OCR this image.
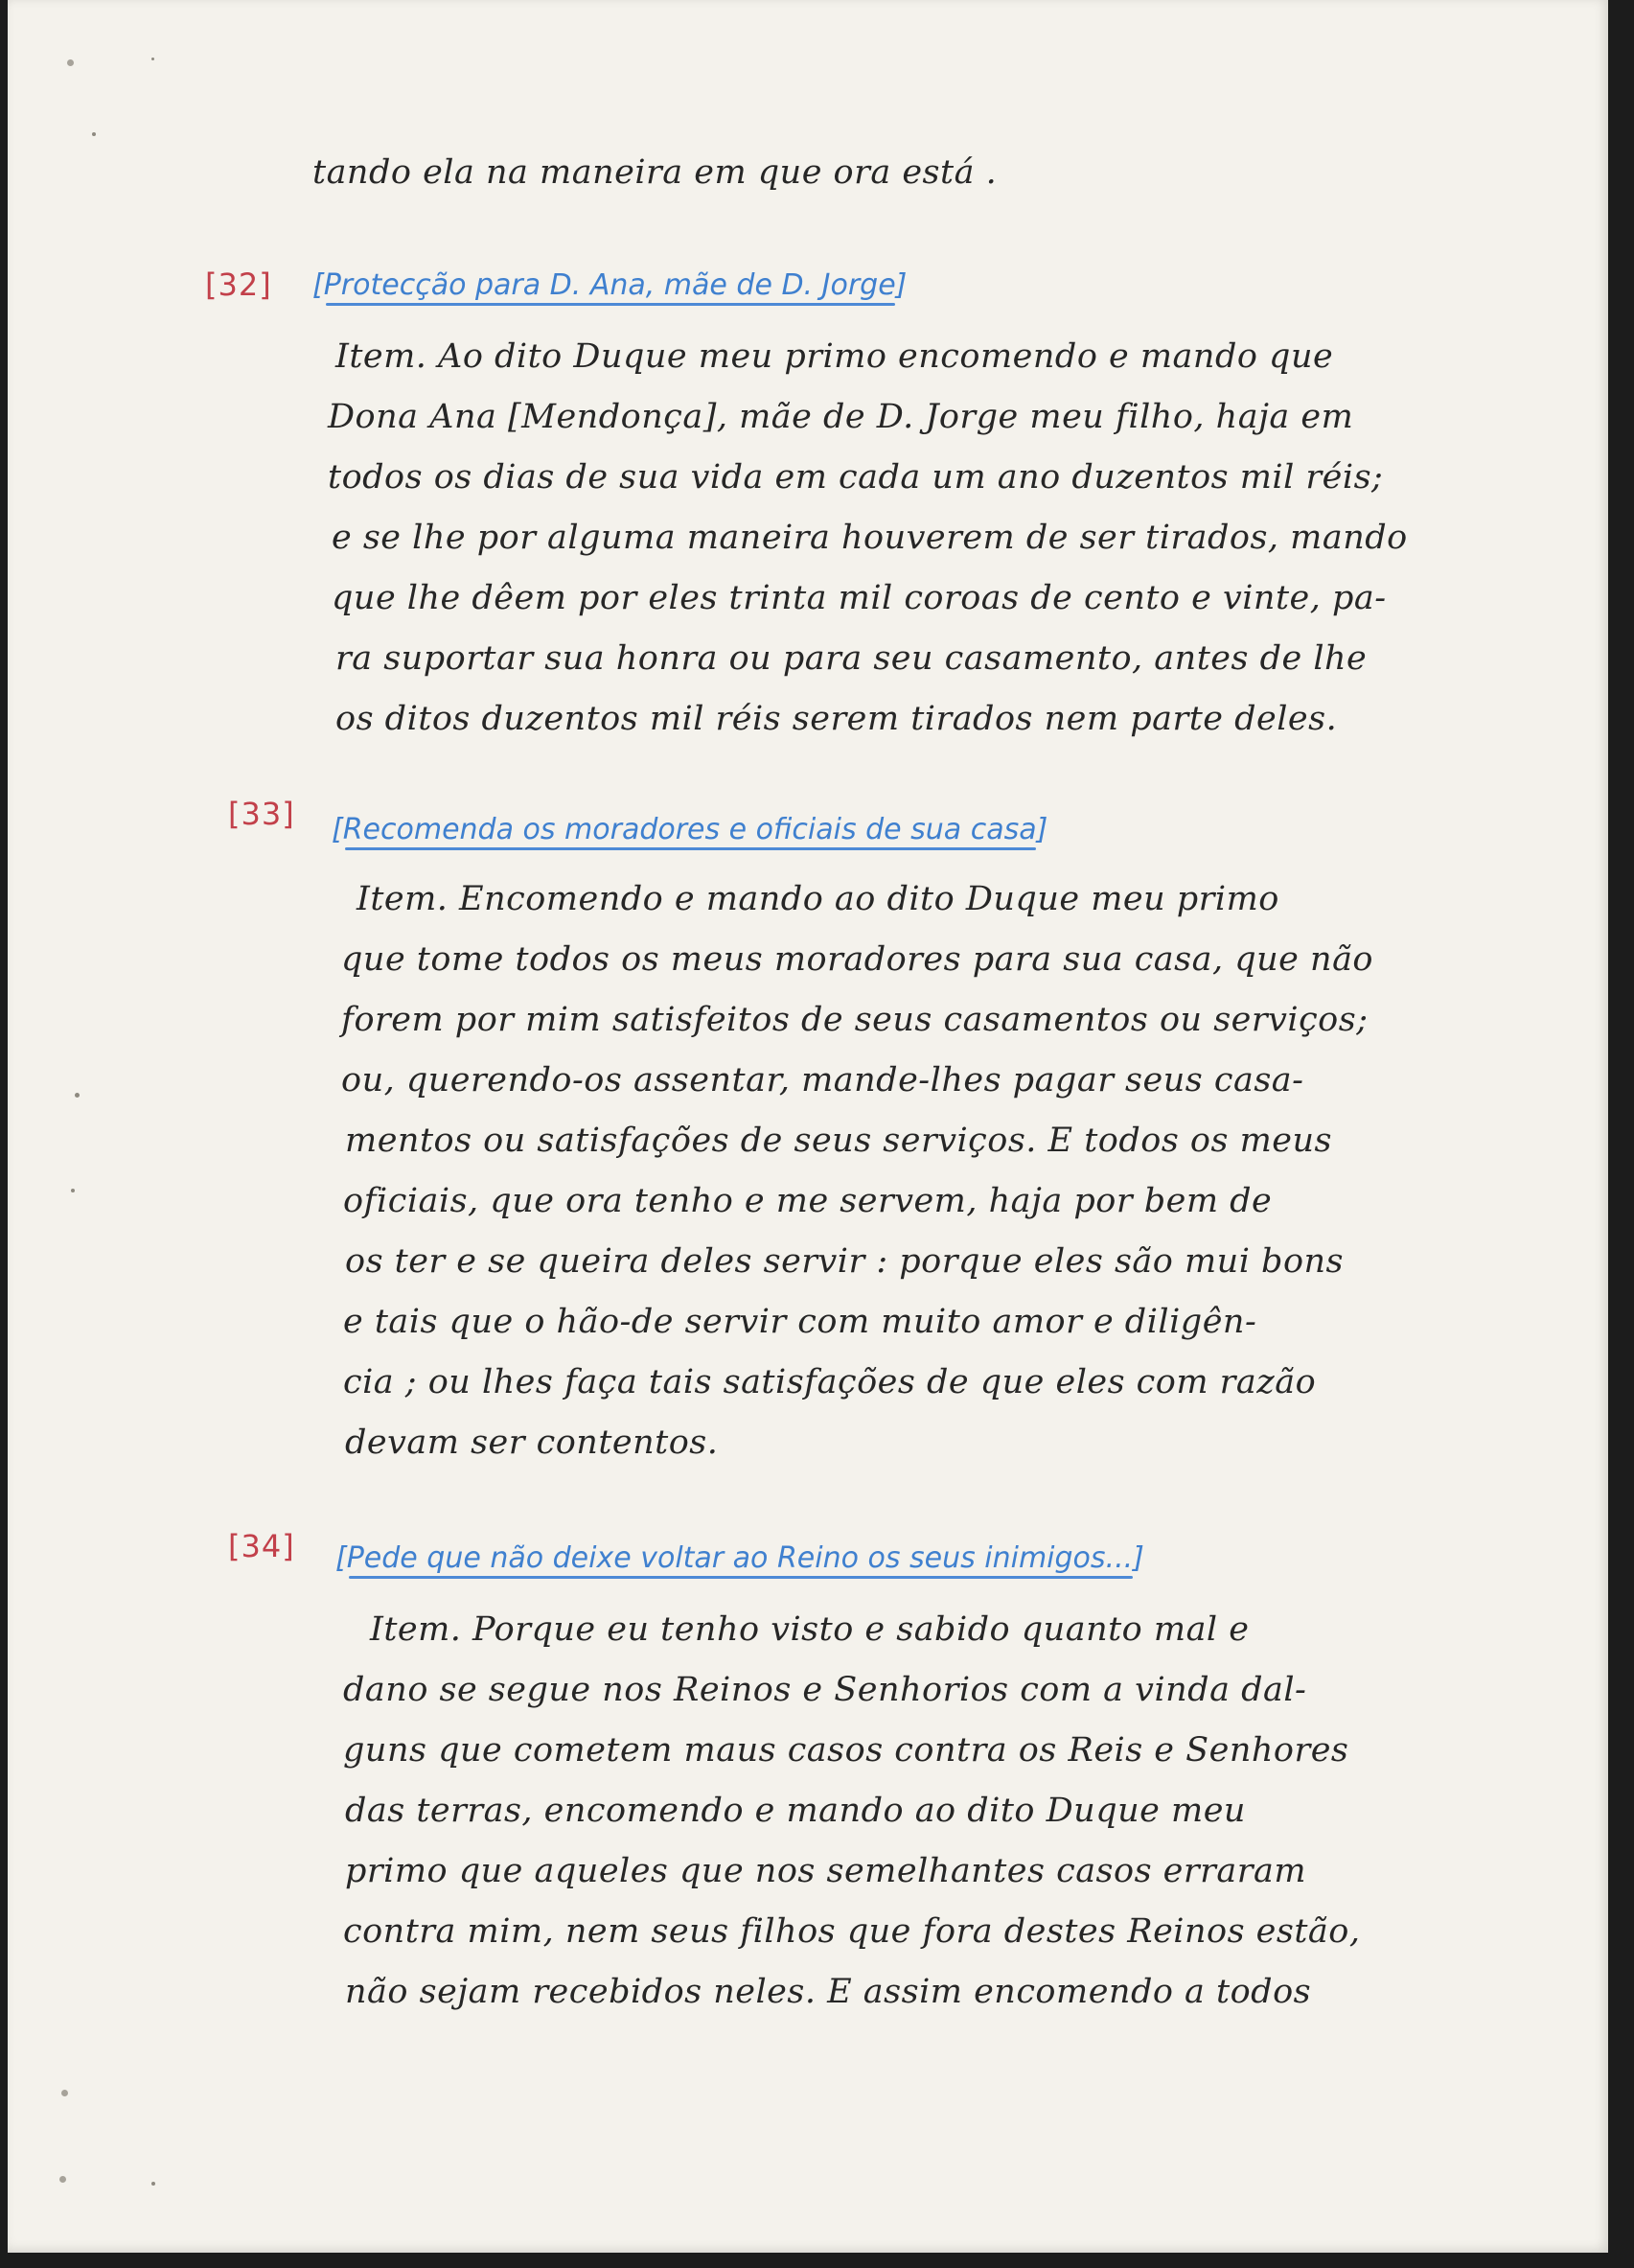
tando ela na maneira em que ora está .
[32] [Protecção para D. Ana, mãe de D. Jorge]
Item. Ao dito Duque meu primo encomendo e mando que
Dona Ana [Mendonça], mãe de D. Jorge meu filho, haja em
todos os dias de sua vida em cada um ano duzentos mil réis;
e se lhe por alguma maneira houverem de ser tirados, mando
que lhe dêem por eles trinta mil coroas de cento e vinte, pa-
ra suportar sua honra ou para seu casamento, antes de lhe
os ditos duzentos mil réis serem tirados nem parte deles.
[33] [Recomenda os moradores e oficiais de sua casa]
Item. Encomendo e mando ao dito Duque meu primo
que tome todos os meus moradores para sua casa, que não
forem por mim satisfeitos de seus casamentos ou serviços;
ou, querendo-os assentar, mande-lhes pagar seus casa-
mentos ou satisfações de seus serviços. E todos os meus
oficiais, que ora tenho e me servem, haja por bem de
os ter e se queira deles servir : porque eles são mui bons
e tais que o hão-de servir com muito amor e diligên-
cia ; ou lhes faça tais satisfações de que eles com razão
devam ser contentos.
[34] [Pede que não deixe voltar ao Reino os seus inimigos...]
Item. Porque eu tenho visto e sabido quanto mal e
dano se segue nos Reinos e Senhorios com a vinda dal-
guns que cometem maus casos contra os Reis e Senhores
das terras, encomendo e mando ao dito Duque meu
primo que aqueles que nos semelhantes casos erraram
contra mim, nem seus filhos que fora destes Reinos estão,
não sejam recebidos neles. E assim encomendo a todos
